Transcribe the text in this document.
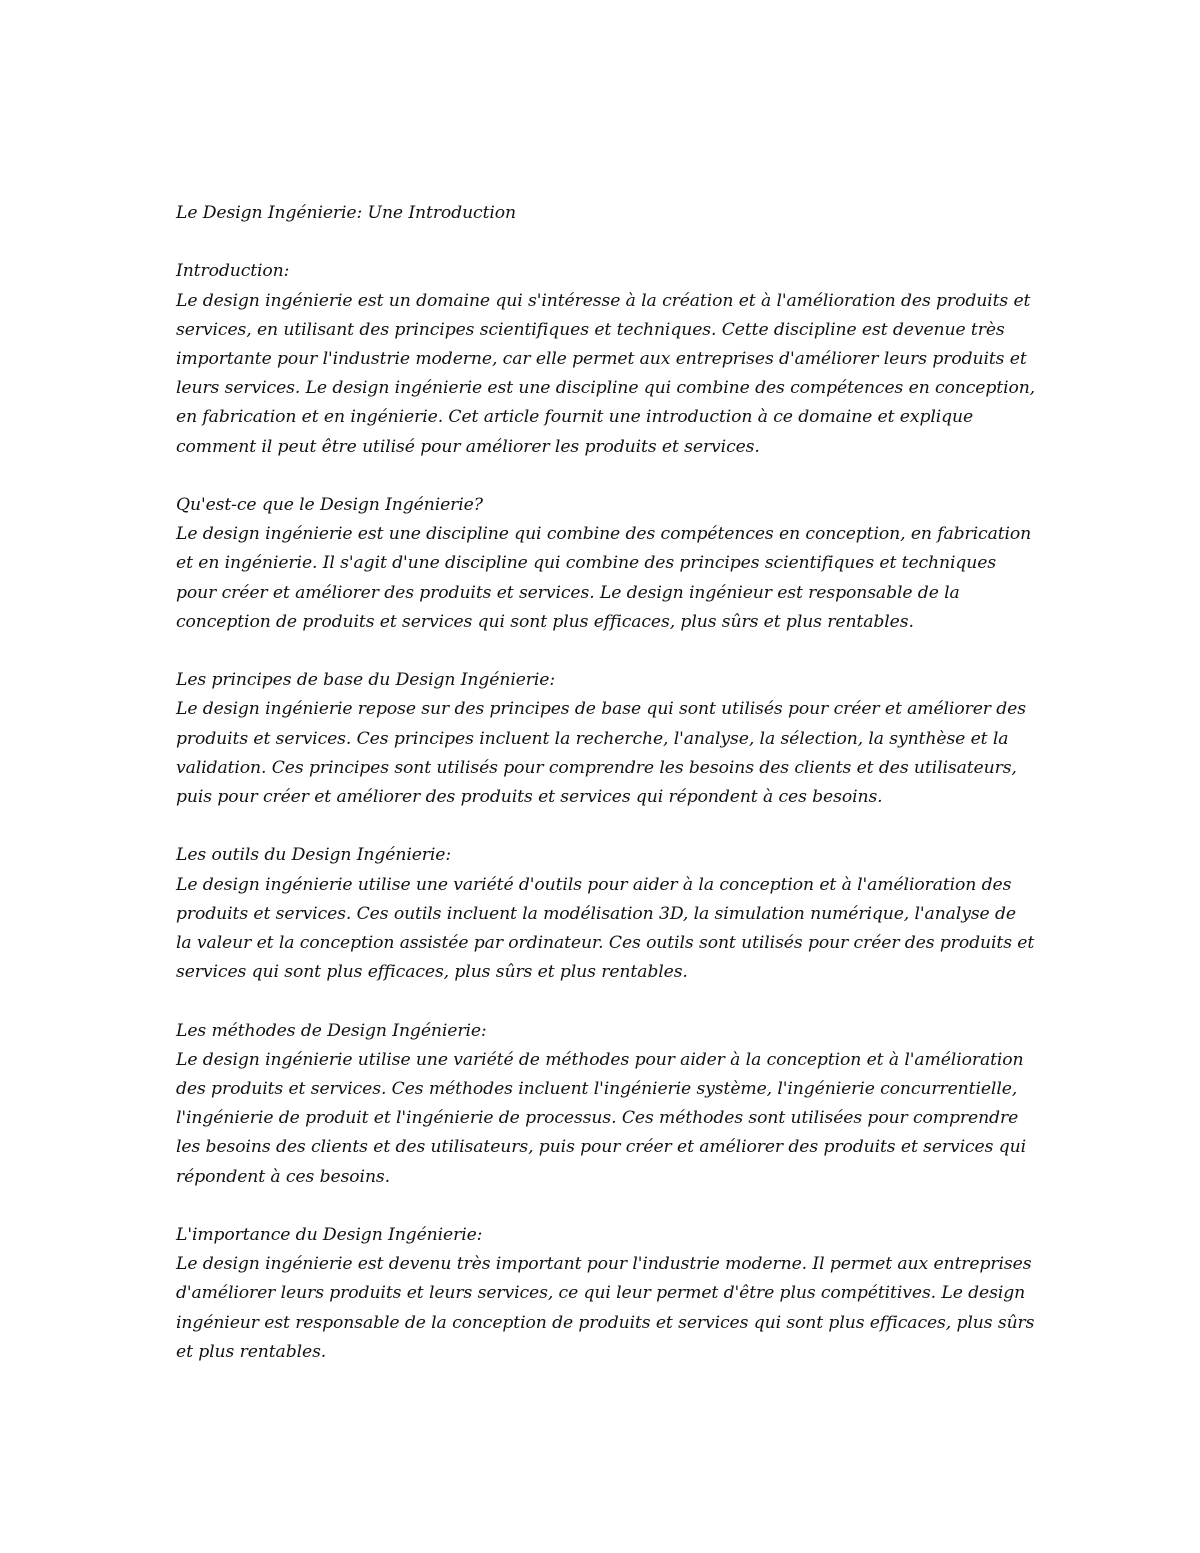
Le Design Ingénierie: Une Introduction

Introduction:

Le design ingénierie est un domaine qui s'intéresse à la création et à l'amélioration des produits et services, en utilisant des principes scientifiques et techniques. Cette discipline est devenue très importante pour l'industrie moderne, car elle permet aux entreprises d'améliorer leurs produits et leurs services. Le design ingénierie est une discipline qui combine des compétences en conception, en fabrication et en ingénierie. Cet article fournit une introduction à ce domaine et explique comment il peut être utilisé pour améliorer les produits et services.

Qu'est-ce que le Design Ingénierie?

Le design ingénierie est une discipline qui combine des compétences en conception, en fabrication et en ingénierie. Il s'agit d'une discipline qui combine des principes scientifiques et techniques pour créer et améliorer des produits et services. Le design ingénieur est responsable de la conception de produits et services qui sont plus efficaces, plus sûrs et plus rentables.

Les principes de base du Design Ingénierie:

Le design ingénierie repose sur des principes de base qui sont utilisés pour créer et améliorer des produits et services. Ces principes incluent la recherche, l'analyse, la sélection, la synthèse et la validation. Ces principes sont utilisés pour comprendre les besoins des clients et des utilisateurs, puis pour créer et améliorer des produits et services qui répondent à ces besoins.

Les outils du Design Ingénierie:

Le design ingénierie utilise une variété d'outils pour aider à la conception et à l'amélioration des produits et services. Ces outils incluent la modélisation 3D, la simulation numérique, l'analyse de la valeur et la conception assistée par ordinateur. Ces outils sont utilisés pour créer des produits et services qui sont plus efficaces, plus sûrs et plus rentables.

Les méthodes de Design Ingénierie:

Le design ingénierie utilise une variété de méthodes pour aider à la conception et à l'amélioration des produits et services. Ces méthodes incluent l'ingénierie système, l'ingénierie concurrentielle, l'ingénierie de produit et l'ingénierie de processus. Ces méthodes sont utilisées pour comprendre les besoins des clients et des utilisateurs, puis pour créer et améliorer des produits et services qui répondent à ces besoins.

L'importance du Design Ingénierie:

Le design ingénierie est devenu très important pour l'industrie moderne. Il permet aux entreprises d'améliorer leurs produits et leurs services, ce qui leur permet d'être plus compétitives. Le design ingénieur est responsable de la conception de produits et services qui sont plus efficaces, plus sûrs et plus rentables.
